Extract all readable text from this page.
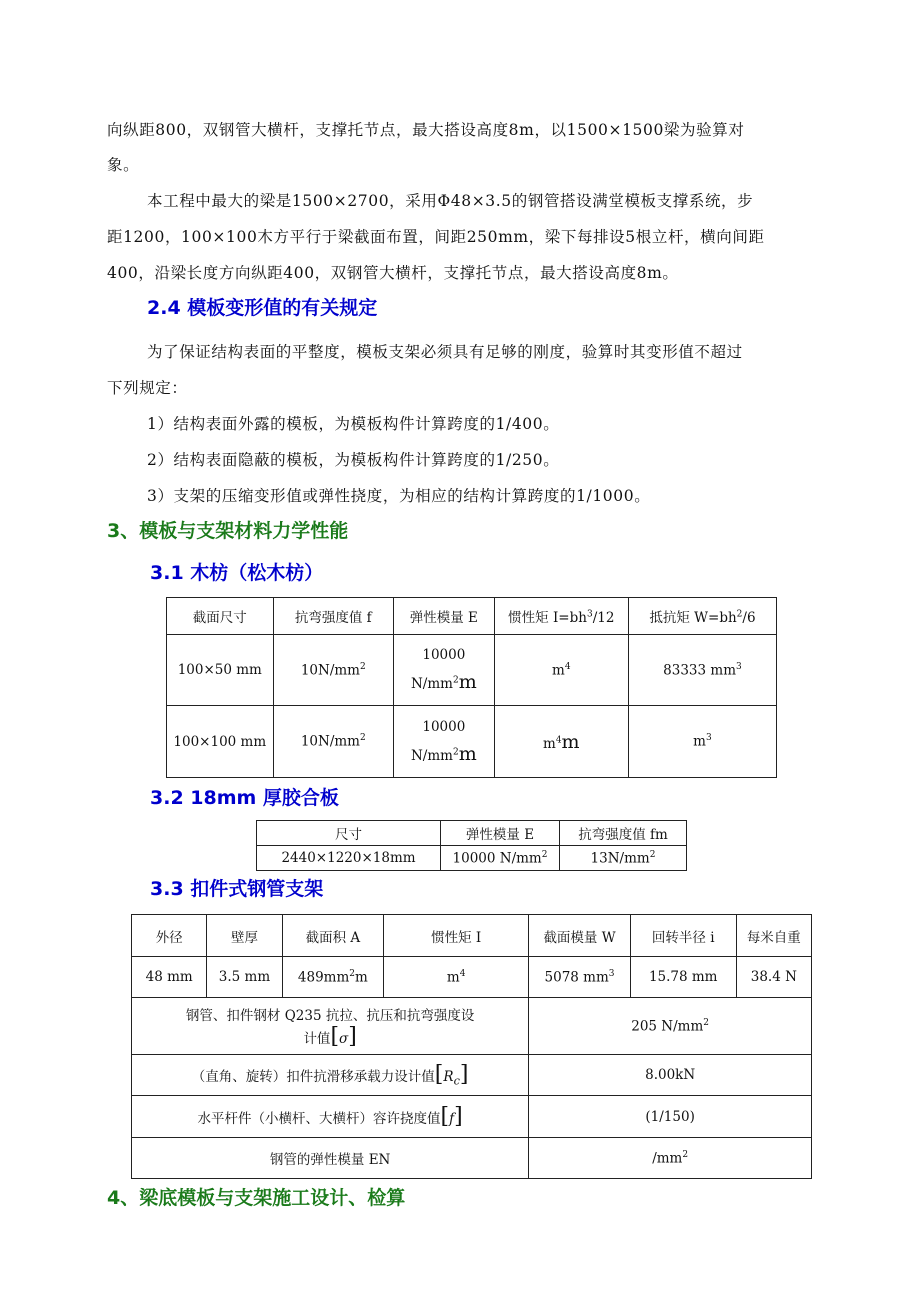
向纵距800，双钢管大横杆，支撑托节点，最大搭设高度8m，以1500×1500梁为验算对
象。
本工程中最大的梁是1500×2700，采用Φ48×3.5的钢管搭设满堂模板支撑系统，步
距1200，100×100木方平行于梁截面布置，间距250mm，梁下每排设5根立杆，横向间距
400，沿梁长度方向纵距400，双钢管大横杆，支撑托节点，最大搭设高度8m。
2.4 模板变形值的有关规定
为了保证结构表面的平整度，模板支架必须具有足够的刚度，验算时其变形值不超过
下列规定：
1）结构表面外露的模板，为模板构件计算跨度的1/400。
2）结构表面隐蔽的模板，为模板构件计算跨度的1/250。
3）支架的压缩变形值或弹性挠度，为相应的结构计算跨度的1/1000。
3、模板与支架材料力学性能
3.1 木枋（松木枋）
截面尺寸	抗弯强度值 f	弹性模量 E	惯性矩 $I=bh^3/12$	抵抗矩 $W=bh^2/6$
100×50 mm	$10N/mm^2$	10000
$N/mm^2m$	$m^4$	83333 $mm^3$
100×100 mm	$10N/mm^2$	10000
$N/mm^2m$	$m^4m$	$m^3$
3.2 18mm 厚胶合板
尺寸	弹性模量 E	抗弯强度值 fm
2440×1220×18mm	10000 $N/mm^2$	$13N/mm^2$
3.3 扣件式钢管支架
外径	壁厚	截面积 A	惯性矩 I	截面模量 W	回转半径 i	每米自重
48 mm	3.5 mm	$489mm^2m$	$m^4$	5078 $mm^3$	15.78 mm	38.4 N

钢管、扣件钢材 Q235 抗拉、抗压和抗弯强度设
计值[σ]				205 $N/mm^2$
（直角、旋转）扣件抗滑移承载力设计值$[R_c]$				8.00kN		
水平杆件（小横杆、大横杆）容许挠度值[f]				(1/150)		
钢管的弹性模量 EN				$/mm^2$
4、梁底模板与支架施工设计、检算
